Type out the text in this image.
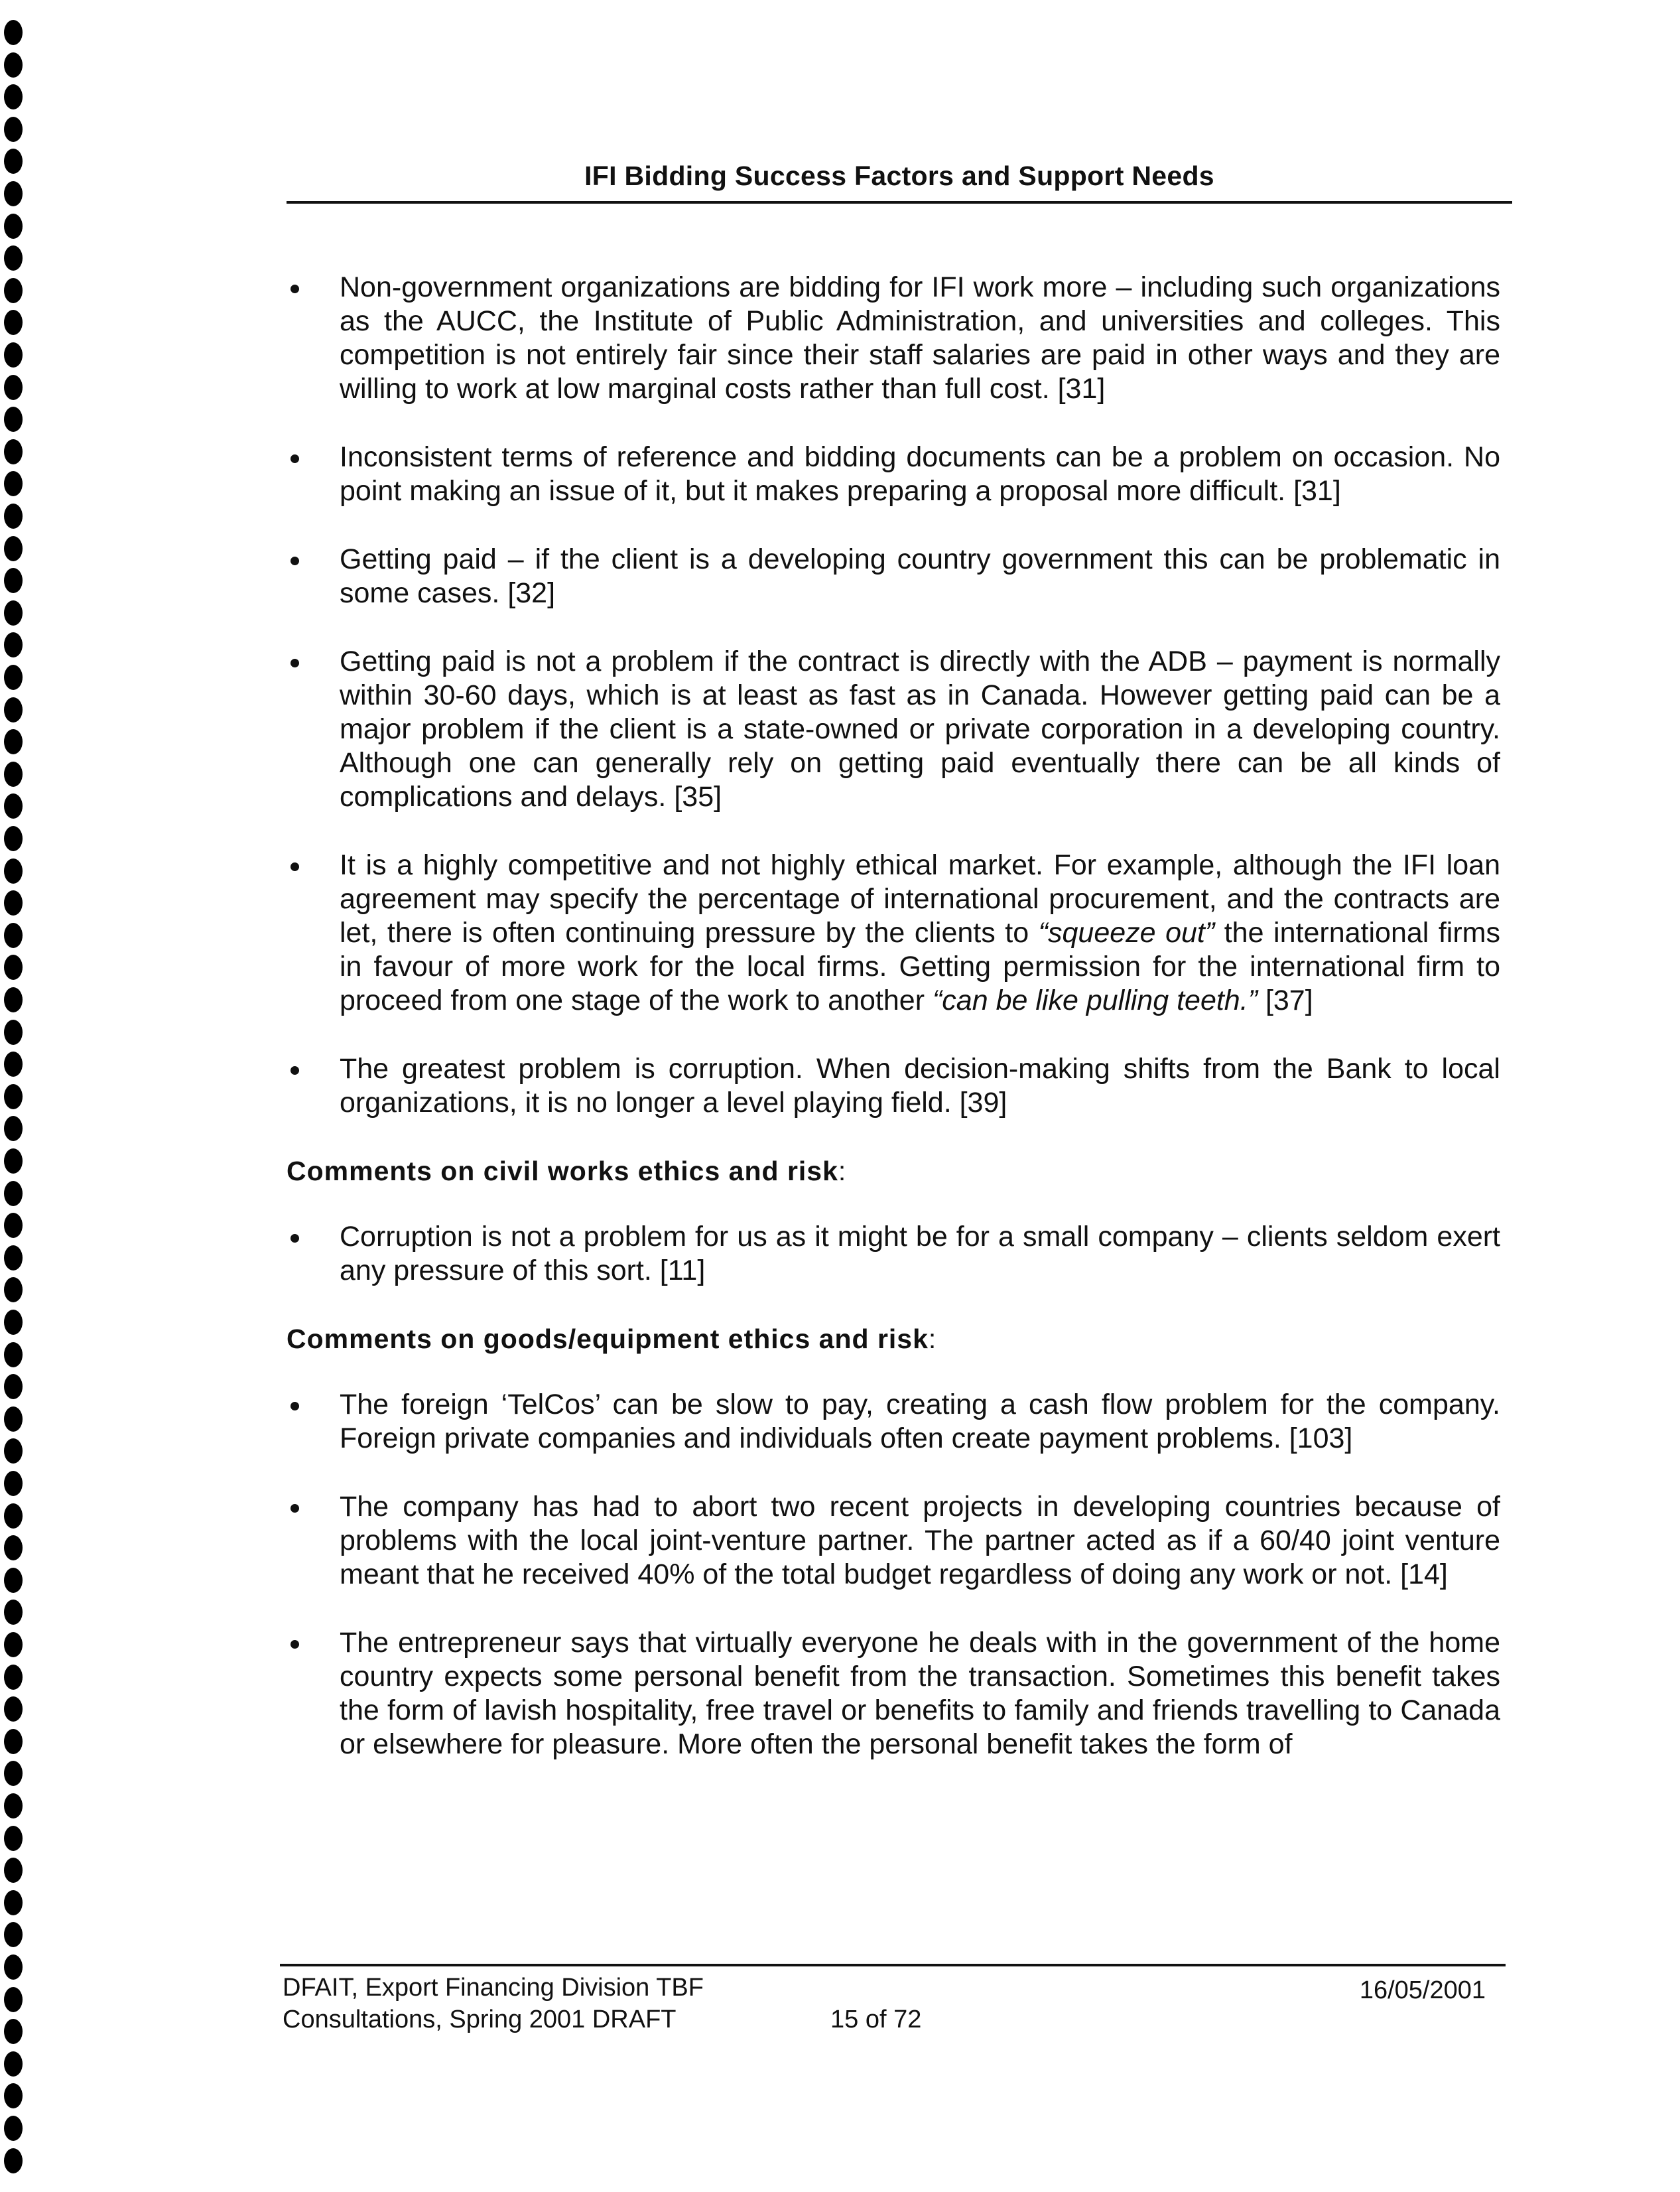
IFI Bidding Success Factors and Support Needs
Non-government organizations are bidding for IFI work more – including such organizations as the AUCC, the Institute of Public Administration, and universities and colleges. This competition is not entirely fair since their staff salaries are paid in other ways and they are willing to work at low marginal costs rather than full cost. [31]
Inconsistent terms of reference and bidding documents can be a problem on occasion. No point making an issue of it, but it makes preparing a proposal more difficult. [31]
Getting paid – if the client is a developing country government this can be problematic in some cases. [32]
Getting paid is not a problem if the contract is directly with the ADB – payment is normally within 30-60 days, which is at least as fast as in Canada. However getting paid can be a major problem if the client is a state-owned or private corporation in a developing country. Although one can generally rely on getting paid eventually there can be all kinds of complications and delays. [35]
It is a highly competitive and not highly ethical market. For example, although the IFI loan agreement may specify the percentage of international procurement, and the contracts are let, there is often continuing pressure by the clients to “squeeze out” the international firms in favour of more work for the local firms. Getting permission for the international firm to proceed from one stage of the work to another “can be like pulling teeth.” [37]
The greatest problem is corruption. When decision-making shifts from the Bank to local organizations, it is no longer a level playing field. [39]
Comments on civil works ethics and risk:
Corruption is not a problem for us as it might be for a small company – clients seldom exert any pressure of this sort. [11]
Comments on goods/equipment ethics and risk:
The foreign ‘TelCos’ can be slow to pay, creating a cash flow problem for the company. Foreign private companies and individuals often create payment problems. [103]
The company has had to abort two recent projects in developing countries because of problems with the local joint-venture partner. The partner acted as if a 60/40 joint venture meant that he received 40% of the total budget regardless of doing any work or not. [14]
The entrepreneur says that virtually everyone he deals with in the government of the home country expects some personal benefit from the transaction. Sometimes this benefit takes the form of lavish hospitality, free travel or benefits to family and friends travelling to Canada or elsewhere for pleasure. More often the personal benefit takes the form of
DFAIT, Export Financing Division TBF
Consultations, Spring 2001 DRAFT	15 of 72
16/05/2001
